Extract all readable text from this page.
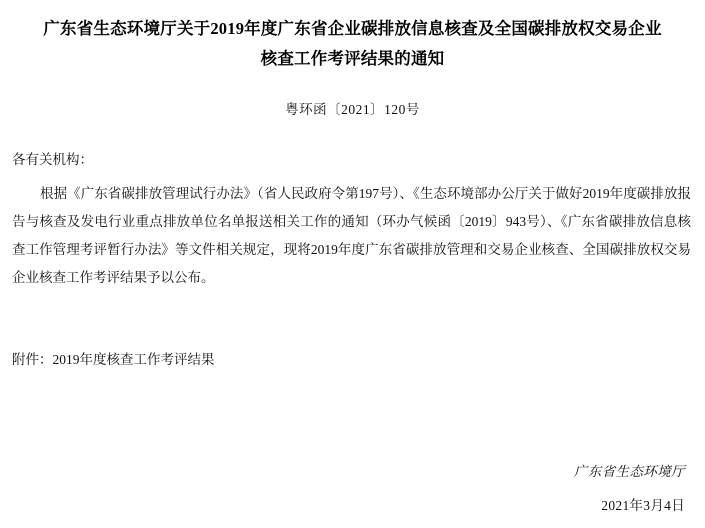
广东省生态环境厅关于2019年度广东省企业碳排放信息核查及全国碳排放权交易企业核查工作考评结果的通知
粤环函〔2021〕120号
各有关机构：
根据《广东省碳排放管理试行办法》（省人民政府令第197号）、《生态环境部办公厅关于做好2019年度碳排放报告与核查及发电行业重点排放单位名单报送相关工作的通知（环办气候函〔2019〕943号）、《广东省碳排放信息核查工作管理考评暂行办法》等文件相关规定，现将2019年度广东省碳排放管理和交易企业核查、全国碳排放权交易企业核查工作考评结果予以公布。
附件：2019年度核查工作考评结果
广东省生态环境厅
2021年3月4日
